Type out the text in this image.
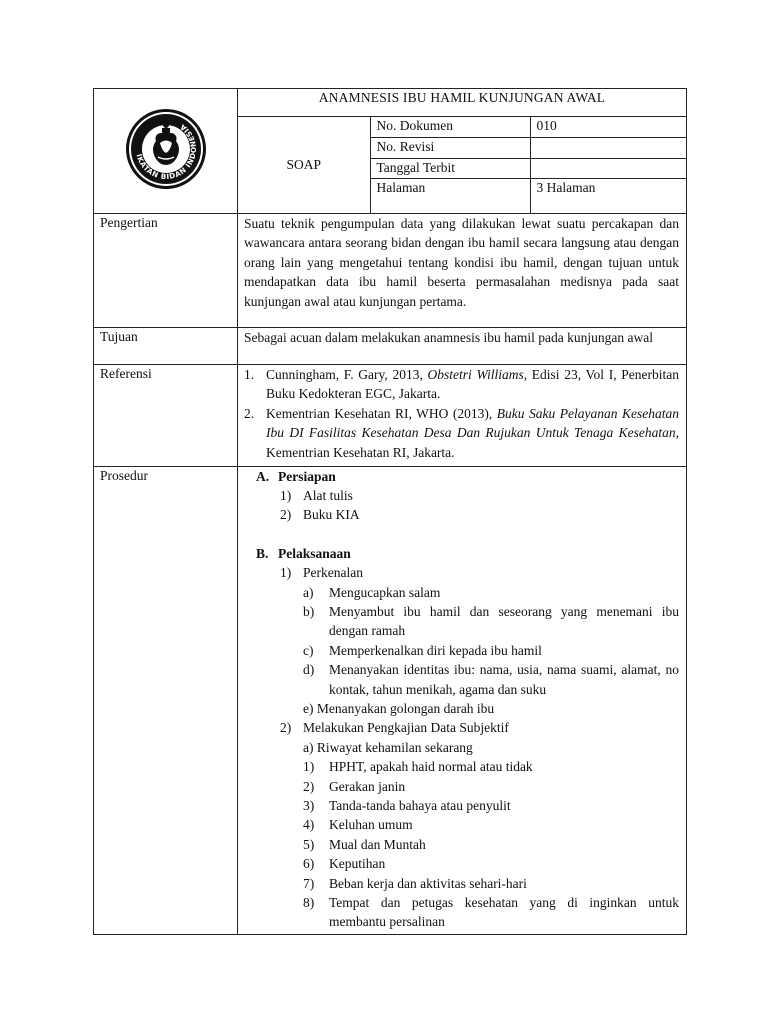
IKATAN BIDAN INDONESIA
	ANAMNESIS IBU HAMIL KUNJUNGAN AWAL

SOAP	No. Dokumen	010
No. Revisi	
Tanggal Terbit	
Halaman	3 Halaman

Pengertian	Suatu teknik pengumpulan data yang dilakukan lewat suatu percakapan dan wawancara antara seorang bidan dengan ibu hamil secara langsung atau dengan orang lain yang mengetahui tentang kondisi ibu hamil, dengan tujuan untuk mendapatkan data ibu hamil beserta permasalahan medisnya pada saat kunjungan awal atau kunjungan pertama.
Tujuan	Sebagai acuan dalam melakukan anamnesis ibu hamil pada kunjungan awal
Referensi	1. Cunningham, F. Gary, 2013, Obstetri Williams, Edisi 23, Vol I, Penerbitan Buku Kedokteran EGC, Jakarta.
2. Kementrian Kesehatan RI, WHO (2013), Buku Saku Pelayanan Kesehatan Ibu DI Fasilitas Kesehatan Desa Dan Rujukan Untuk Tenaga Kesehatan, Kementrian Kesehatan RI, Jakarta.

Prosedur	A. Persiapan
1) Alat tulis
2) Buku KIA
B. Pelaksanaan
1) Perkenalan
a)	Mengucapkan salam
b)	Menyambut ibu hamil dan seseorang yang menemani ibu dengan ramah
c)	Memperkenalkan diri kepada ibu hamil
d)	Menanyakan identitas ibu: nama, usia, nama suami, alamat, no kontak, tahun menikah, agama dan suku
e) Menanyakan golongan darah ibu
2) Melakukan Pengkajian Data Subjektif
a) Riwayat kehamilan sekarang
1)	HPHT, apakah haid normal atau tidak
2)	Gerakan janin
3)	Tanda-tanda bahaya atau penyulit
4)	Keluhan umum
5)	Mual dan Muntah
6)	Keputihan
7)	Beban kerja dan aktivitas sehari-hari
8)	Tempat dan petugas kesehatan yang di inginkan untuk membantu persalinan
